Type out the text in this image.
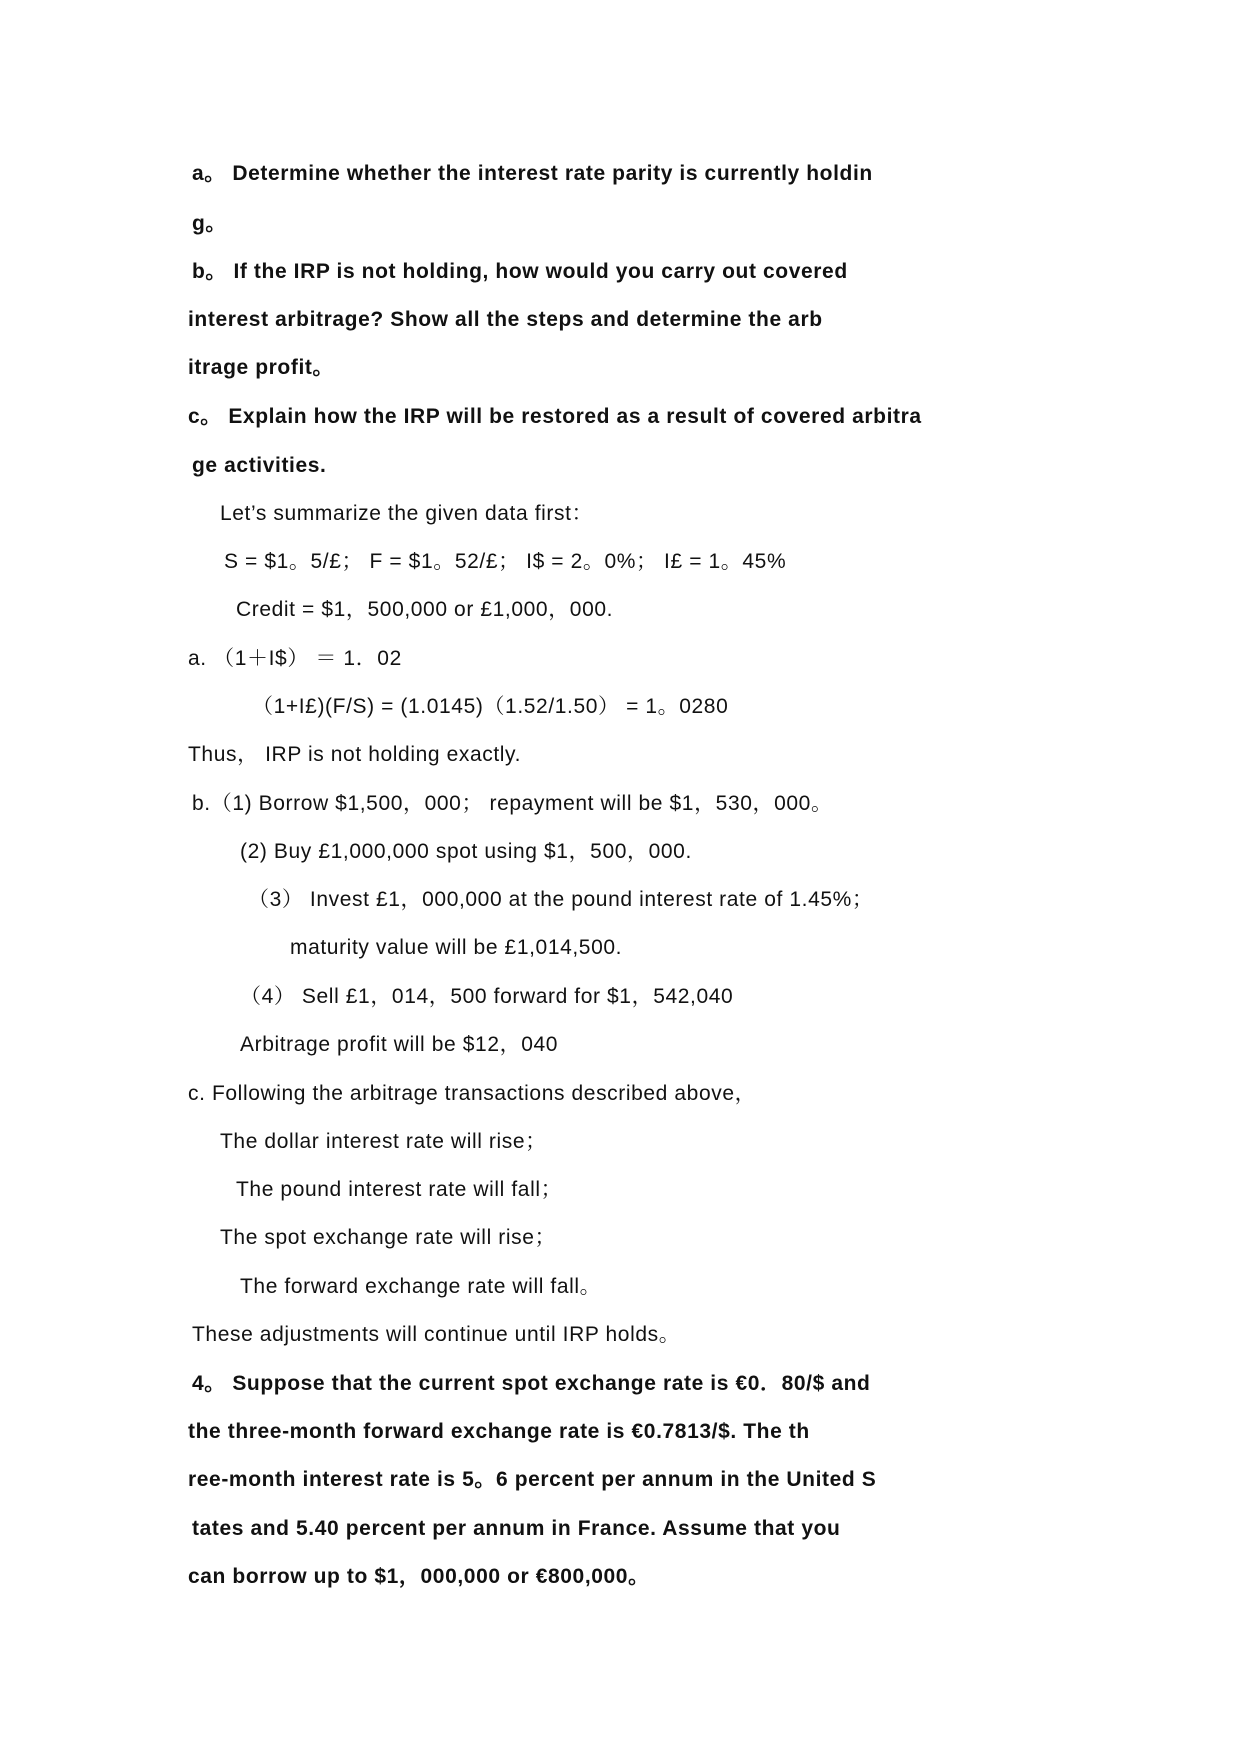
a。 Determine whether the interest rate parity is currently holdin
g。
b。 If the IRP is not holding, how would you carry out covered
interest arbitrage? Show all the steps and determine the arb
itrage profit。
c。 Explain how the IRP will be restored as a result of covered arbitra
ge activities.
Let’s summarize the given data first：
S = $1。5/£； F = $1。52/£； I$ = 2。0%； I£ = 1。45%
Credit = $1，500,000 or £1,000，000.
a. （1＋I$） ＝ 1．02
（1+I£)(F/S) = (1.0145)（1.52/1.50） = 1。0280
Thus， IRP is not holding exactly.
b.（1) Borrow $1,500，000； repayment will be $1，530，000。
(2) Buy £1,000,000 spot using $1，500，000.
（3） Invest £1，000,000 at the pound interest rate of 1.45%；
maturity value will be £1,014,500.
（4） Sell £1，014，500 forward for $1，542,040
Arbitrage profit will be $12，040
c. Following the arbitrage transactions described above，
The dollar interest rate will rise；
The pound interest rate will fall；
The spot exchange rate will rise；
The forward exchange rate will fall。
These adjustments will continue until IRP holds。
4。 Suppose that the current spot exchange rate is €0．80/$ and
the three-month forward exchange rate is €0.7813/$. The th
ree-month interest rate is 5。6 percent per annum in the United S
tates and 5.40 percent per annum in France. Assume that you
can borrow up to $1，000,000 or €800,000。
